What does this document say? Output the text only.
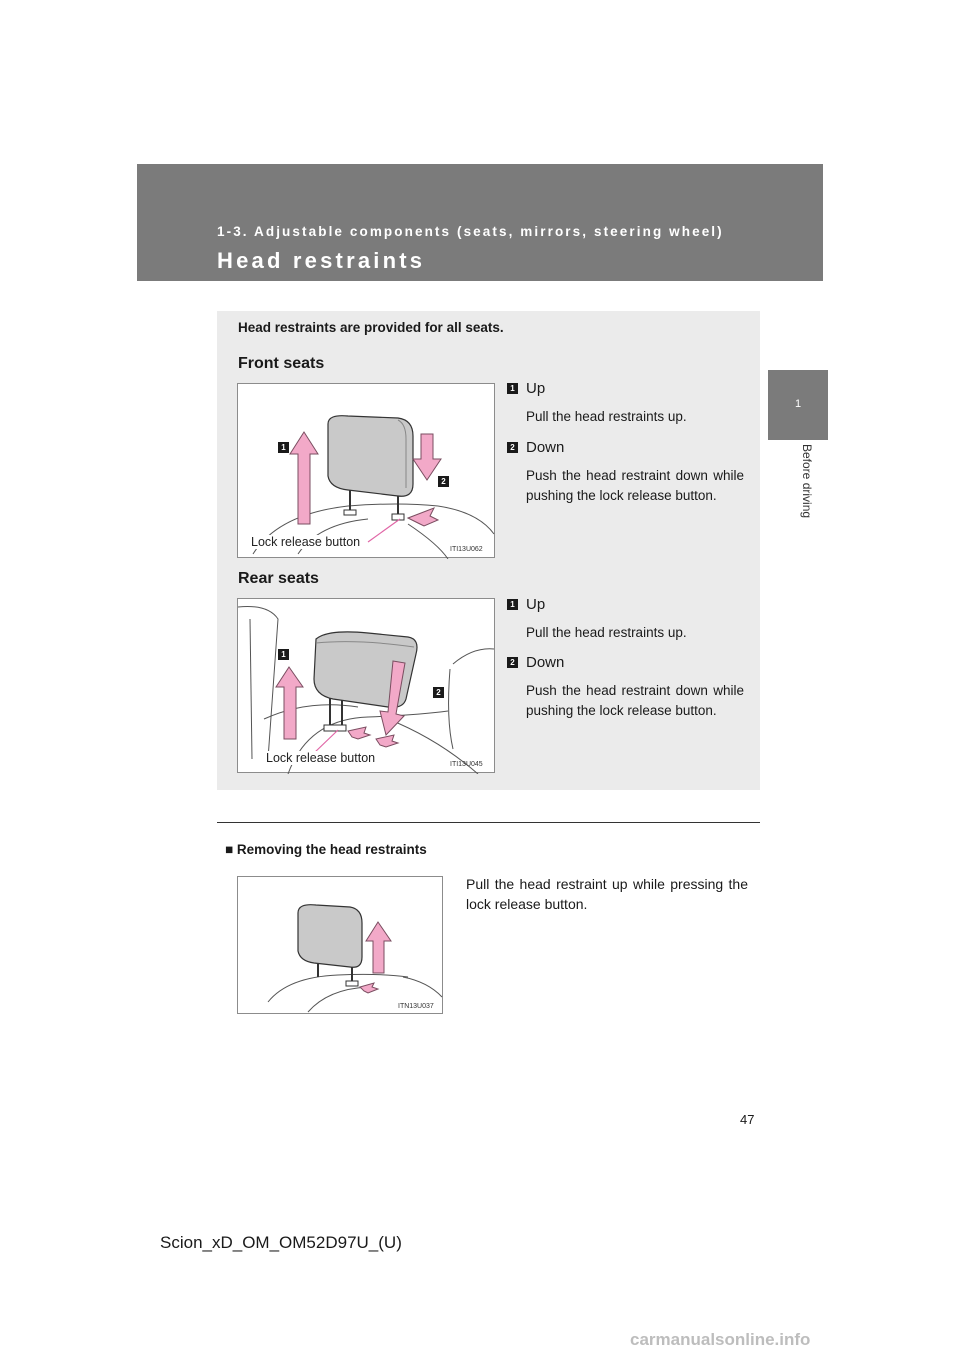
1-3. Adjustable components (seats, mirrors, steering wheel)
Head restraints
1
Before driving
Head restraints are provided for all seats.
Front seats
1
2
Lock release button
ITI13U062
1 Up
Pull the head restraints up.
2 Down
Push the head restraint down while pushing the lock release button.
Rear seats
1
2
Lock release button	ITI13U045
1 Up
Pull the head restraints up.
2 Down
Push the head restraint down while pushing the lock release button.
■ Removing the head restraints
ITN13U037
Pull the head restraint up while pressing the lock release button.
47
Scion_xD_OM_OM52D97U_(U)
carmanualsonline.info
